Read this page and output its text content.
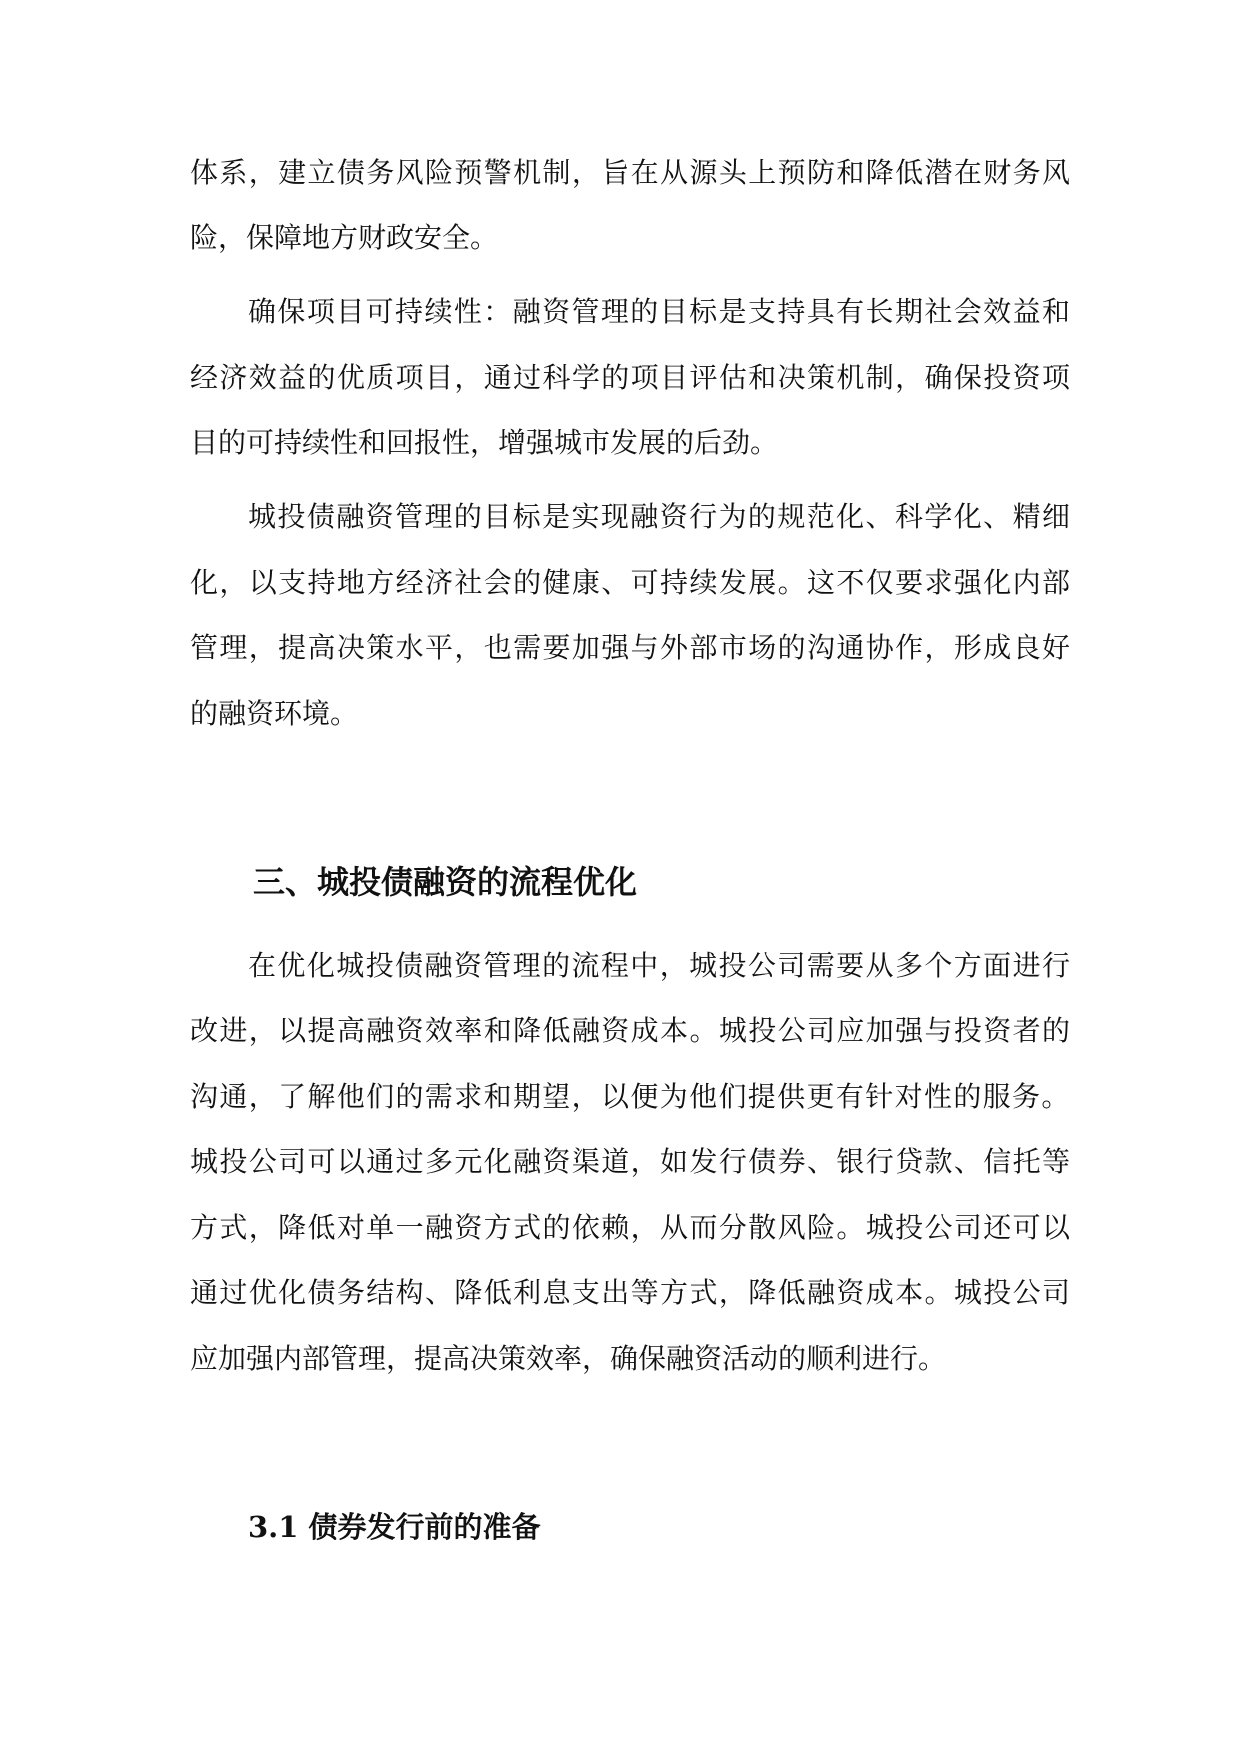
体系，建立债务风险预警机制，旨在从源头上预防和降低潜在财务风
险，保障地方财政安全。
确保项目可持续性：融资管理的目标是支持具有长期社会效益和
经济效益的优质项目，通过科学的项目评估和决策机制，确保投资项
目的可持续性和回报性，增强城市发展的后劲。
城投债融资管理的目标是实现融资行为的规范化、科学化、精细
化，以支持地方经济社会的健康、可持续发展。这不仅要求强化内部
管理，提高决策水平，也需要加强与外部市场的沟通协作，形成良好
的融资环境。
三、城投债融资的流程优化
在优化城投债融资管理的流程中，城投公司需要从多个方面进行
改进，以提高融资效率和降低融资成本。城投公司应加强与投资者的
沟通，了解他们的需求和期望，以便为他们提供更有针对性的服务。
城投公司可以通过多元化融资渠道，如发行债券、银行贷款、信托等
方式，降低对单一融资方式的依赖，从而分散风险。城投公司还可以
通过优化债务结构、降低利息支出等方式，降低融资成本。城投公司
应加强内部管理，提高决策效率，确保融资活动的顺利进行。
3.1 债券发行前的准备
